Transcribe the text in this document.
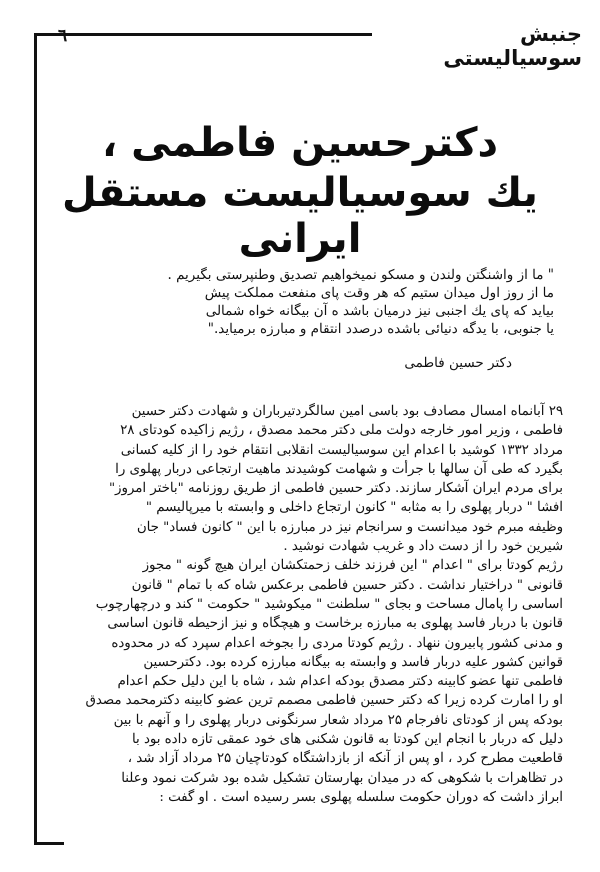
٦	جنبش سوسیالیستی
دکترحسین فاطمی ،
یك سوسیالیست مستقل ایرانی
" ما از واشنگتن ولندن و مسکو نمیخواهیم تصدیق وطنپرستی بگیریم .
ما از روز اول میدان ستیم که هر وقت پای منفعت مملکت پیش
بیاید که پای یك اجنبی نیز درمیان باشد ه آن بیگانه خواه شمالی
یا جنوبی، با یدگه دنیائی باشده درصدد انتقام و مبارزه برمیاید."
دکتر حسین فاطمی
۲۹ آبانماه امسال مصادف بود باسی امین سالگردتیرباران و شهادت دکتر حسین
فاطمی ، وزیر امور خارجه دولت ملی دکتر محمد مصدق ، رژیم زاکیده کودتای ۲۸
مرداد ۱۳۳۲ کوشید با اعدام این سوسیالیست انقلابی انتقام خود را از کلیه کسانی
بگیرد که طی آن سالها با جرأت و شهامت کوشیدند ماهیت ارتجاعی دربار پهلوی را
برای مردم ایران آشکار سازند. دکتر حسین فاطمی از طریق روزنامه "باختر امروز"
افشا " دربار پهلوی را به مثابه " کانون ارتجاع داخلی و وابسته با میرپالیسم "
وظیفه مبرم خود میدانست و سرانجام نیز در مبارزه با این " کانون فساد" جان
شیرین خود را از دست داد و غریب شهادت نوشید .
رژیم کودتا برای " اعدام " این فرزند خلف زحمتکشان ایران هیچ گونه " مجوز
قانونی " دراختیار نداشت . دکتر حسین فاطمی برعکس شاه که با تمام " قانون
اساسی را پامال مساحت و بجای " سلطنت " میکوشید " حکومت " کند و درچهارچوب
قانون با دربار فاسد پهلوی به مبارزه برخاست و هیچگاه و نیز ازحیطه قانون اساسی
و مدنی کشور پابیرون ننهاد . رژیم کودتا مردی را بجوخه اعدام سپرد که در محدوده
قوانین کشور علیه دربار فاسد و وابسته به بیگانه مبارزه کرده بود. دکترحسین
فاطمی تنها عضو کابینه دکتر مصدق بودکه اعدام شد ، شاه با این دلیل حکم اعدام
او را امارت کرده زیرا که دکتر حسین فاطمی مصمم ترین عضو کابینه دکترمحمد مصدق
بودکه پس از کودتای نافرجام ۲۵ مرداد شعار سرنگونی دربار پهلوی را و آنهم با بین
دلیل که دربار با انجام این کودتا به قانون شکنی های خود عمقی تازه داده بود با
قاطعیت مطرح کرد ، او پس از آنکه از بازداشتگاه کودتاچیان ۲۵ مرداد آزاد شد ،
در تظاهرات با شکوهی که در میدان بهارستان تشکیل شده بود شرکت نمود وعلنا
ابراز داشت که دوران حکومت سلسله پهلوی بسر رسیده است . او گفت :
